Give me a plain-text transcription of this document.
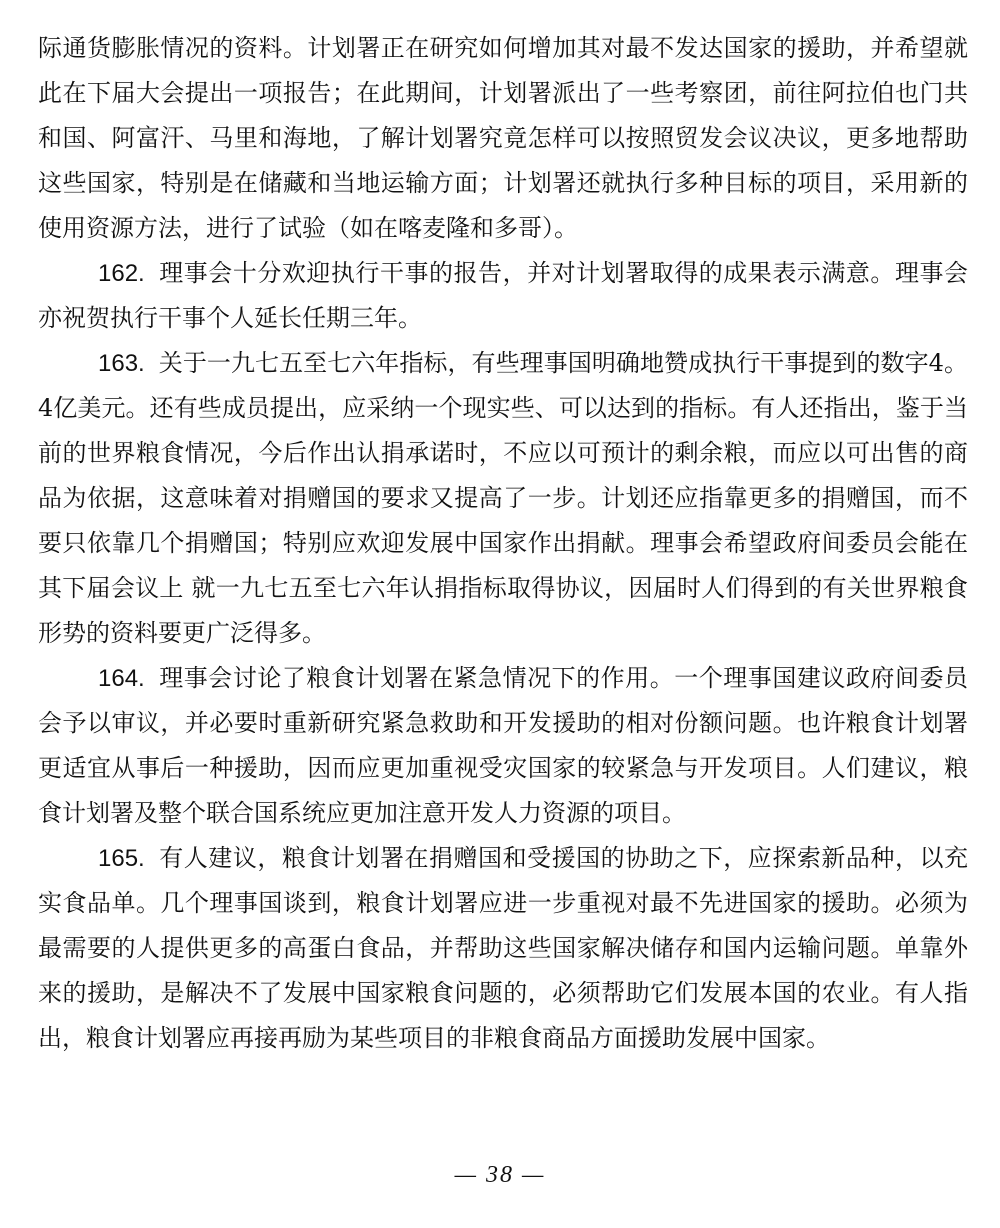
际通货膨胀情况的资料。计划署正在研究如何增加其对最不发达国家的援助，并希望就此在下届大会提出一项报告；在此期间，计划署派出了一些考察团，前往阿拉伯也门共和国、阿富汗、马里和海地，了解计划署究竟怎样可以按照贸发会议决议，更多地帮助这些国家，特别是在储藏和当地运输方面；计划署还就执行多种目标的项目，采用新的使用资源方法，进行了试验（如在喀麦隆和多哥）。

162. 理事会十分欢迎执行干事的报告，并对计划署取得的成果表示满意。理事会亦祝贺执行干事个人延长任期三年。

163. 关于一九七五至七六年指标，有些理事国明确地赞成执行干事提到的数字4。4亿美元。还有些成员提出，应采纳一个现实些、可以达到的指标。有人还指出，鉴于当前的世界粮食情况，今后作出认捐承诺时，不应以可预计的剩余粮，而应以可出售的商品为依据，这意味着对捐赠国的要求又提高了一步。计划还应指靠更多的捐赠国，而不要只依靠几个捐赠国；特别应欢迎发展中国家作出捐献。理事会希望政府间委员会能在其下届会议上 就一九七五至七六年认捐指标取得协议，因届时人们得到的有关世界粮食形势的资料要更广泛得多。

164. 理事会讨论了粮食计划署在紧急情况下的作用。一个理事国建议政府间委员会予以审议，并必要时重新研究紧急救助和开发援助的相对份额问题。也许粮食计划署更适宜从事后一种援助，因而应更加重视受灾国家的较紧急与开发项目。人们建议，粮食计划署及整个联合国系统应更加注意开发人力资源的项目。

165. 有人建议，粮食计划署在捐赠国和受援国的协助之下，应探索新品种，以充实食品单。几个理事国谈到，粮食计划署应进一步重视对最不先进国家的援助。必须为最需要的人提供更多的高蛋白食品，并帮助这些国家解决储存和国内运输问题。单靠外来的援助，是解决不了发展中国家粮食问题的，必须帮助它们发展本国的农业。有人指出，粮食计划署应再接再励为某些项目的非粮食商品方面援助发展中国家。

— 38 —
